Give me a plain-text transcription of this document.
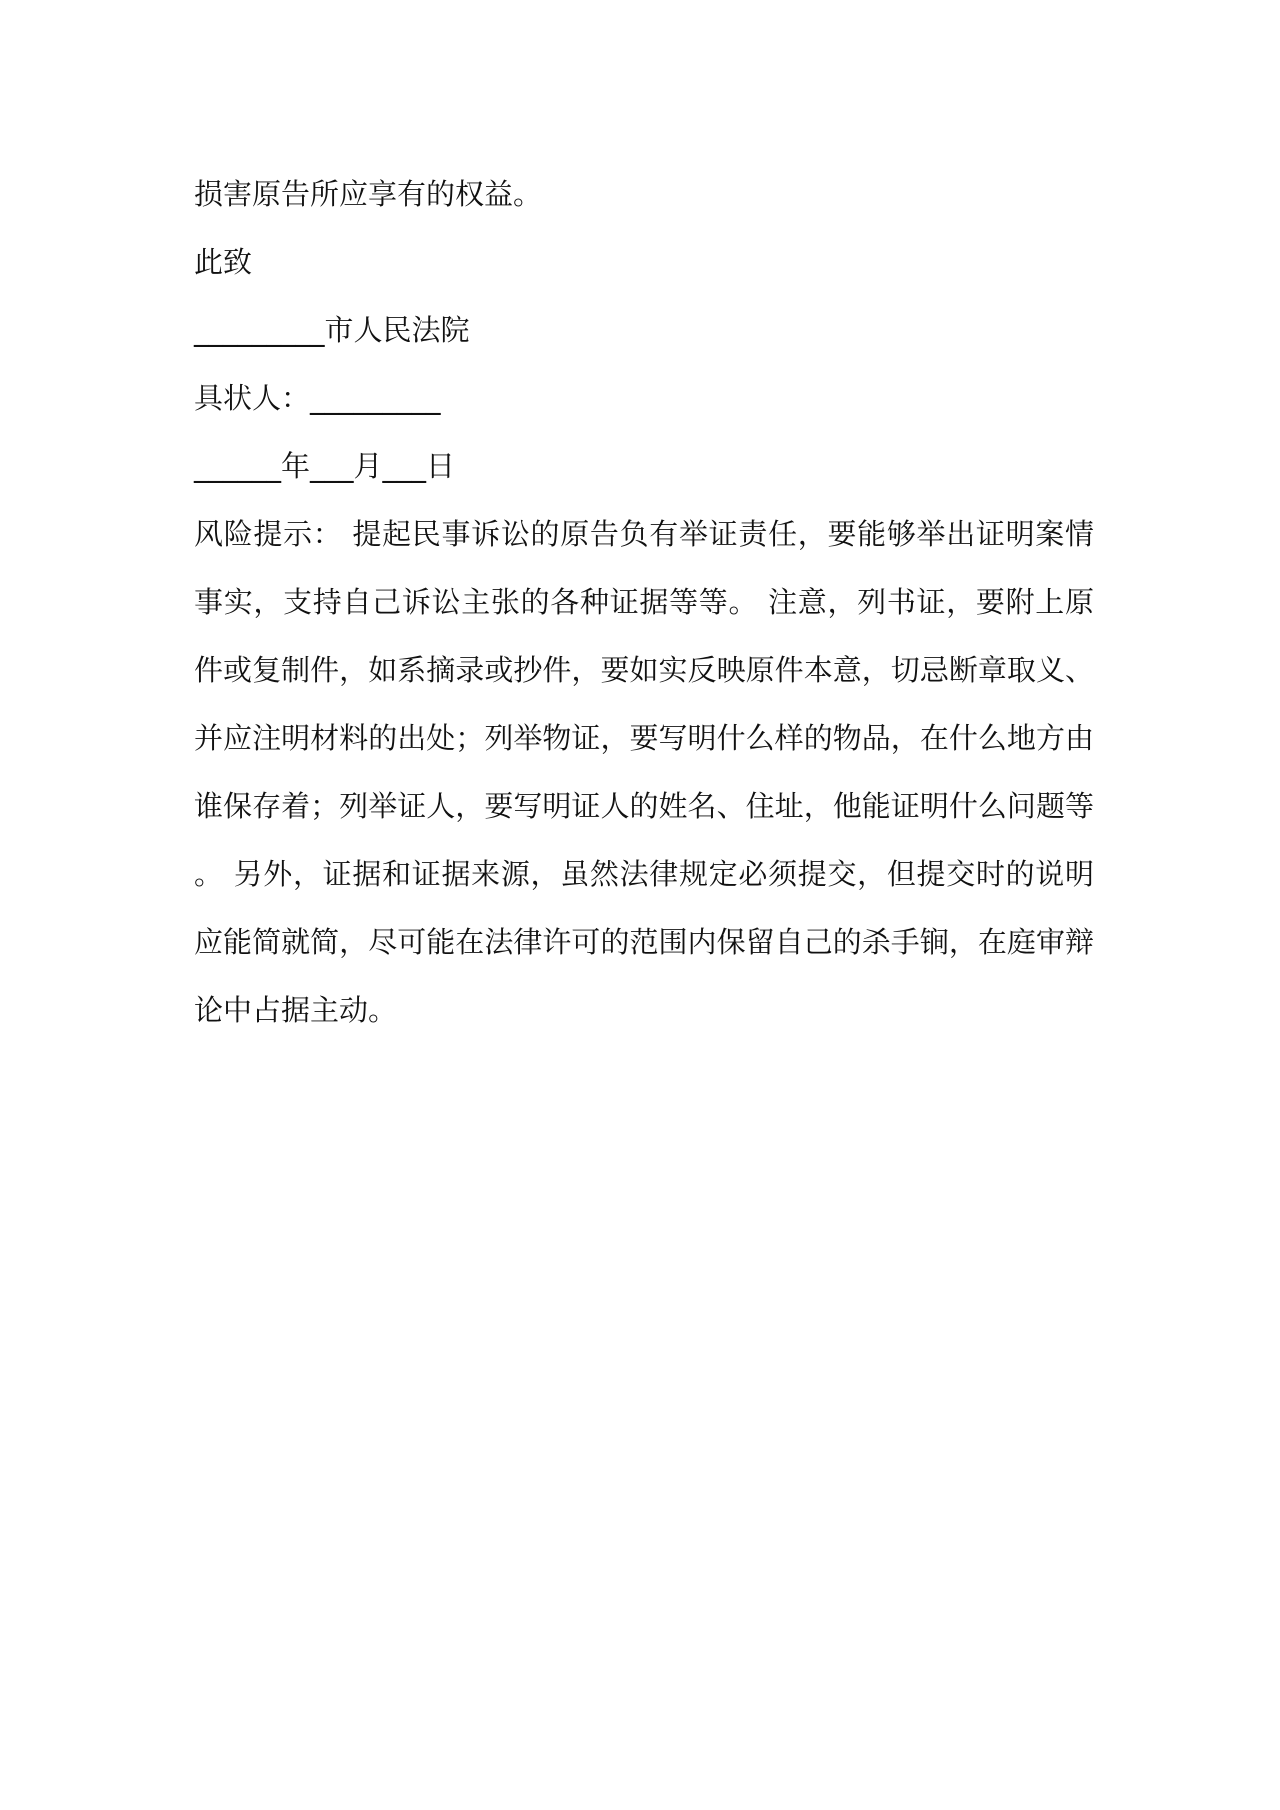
损害原告所应享有的权益。
此致
_________市人民法院
具状人：_________
______年___月___日
风险提示： 提起民事诉讼的原告负有举证责任，要能够举出证明案情事实，支持自己诉讼主张的各种证据等等。 注意，列书证，要附上原件或复制件，如系摘录或抄件，要如实反映原件本意，切忌断章取义、并应注明材料的出处；列举物证，要写明什么样的物品，在什么地方由谁保存着；列举证人，要写明证人的姓名、住址，他能证明什么问题等。 另外，证据和证据来源，虽然法律规定必须提交，但提交时的说明应能简就简，尽可能在法律许可的范围内保留自己的杀手锏，在庭审辩论中占据主动。
